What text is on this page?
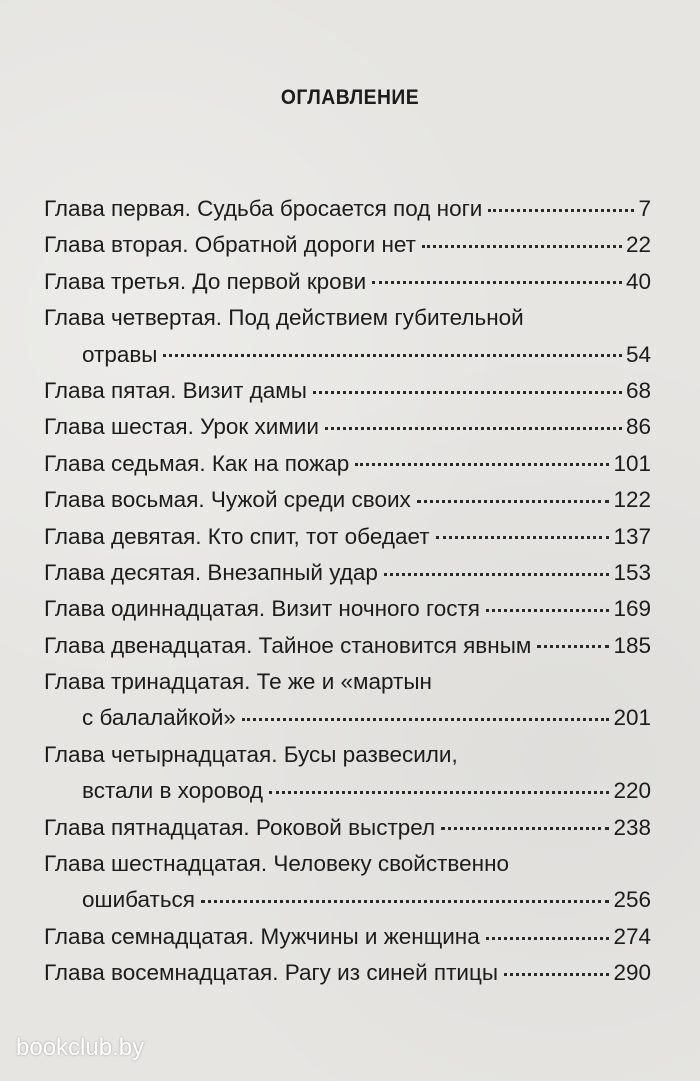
ОГЛАВЛЕНИЕ
Глава первая. Судьба бросается под ноги	7
Глава вторая. Обратной дороги нет	22
Глава третья. До первой крови	40
Глава четвертая. Под действием губительной
отравы	54
Глава пятая. Визит дамы	68
Глава шестая. Урок химии	86
Глава седьмая. Как на пожар	101
Глава восьмая. Чужой среди своих	122
Глава девятая. Кто спит, тот обедает	137
Глава десятая. Внезапный удар	153
Глава одиннадцатая. Визит ночного гостя	169
Глава двенадцатая. Тайное становится явным	185
Глава тринадцатая. Те же и «мартын
с балалайкой»	201
Глава четырнадцатая. Бусы развесили,
встали в хоровод	220
Глава пятнадцатая. Роковой выстрел	238
Глава шестнадцатая. Человеку свойственно
ошибаться	256
Глава семнадцатая. Мужчины и женщина	274
Глава восемнадцатая. Рагу из синей птицы	290
bookclub.by
